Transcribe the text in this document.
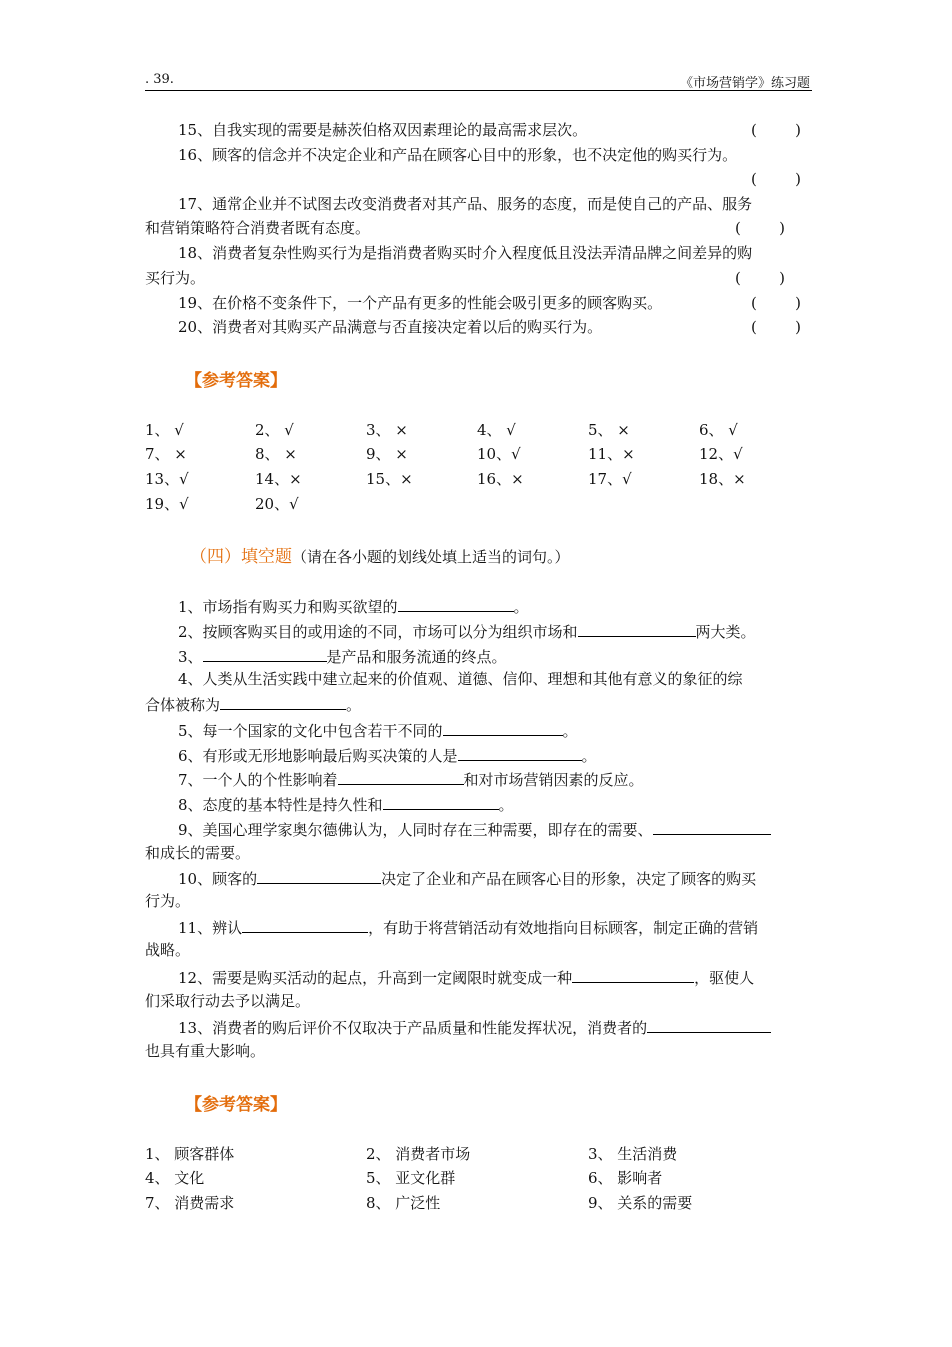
. 39.	《市场营销学》练习题
15、自我实现的需要是赫茨伯格双因素理论的最高需求层次。	(	)
16、顾客的信念并不决定企业和产品在顾客心目中的形象，也不决定他的购买行为。
(	)
17、通常企业并不试图去改变消费者对其产品、服务的态度，而是使自己的产品、服务
和营销策略符合消费者既有态度。	(	)
18、消费者复杂性购买行为是指消费者购买时介入程度低且没法弄清品牌之间差异的购
买行为。	(	)
19、在价格不变条件下，一个产品有更多的性能会吸引更多的顾客购买。	(	)
20、消费者对其购买产品满意与否直接决定着以后的购买行为。	(	)
【参考答案】
1、 √	2、 √	3、 ×	4、 √	5、 ×	6、 √
7、 ×	8、 ×	9、 ×	10、√	11、×	12、√
13、√	14、×	15、×	16、×	17、√	18、×
19、√	20、√
（四）填空题（请在各小题的划线处填上适当的词句。）
1、市场指有购买力和购买欲望的	。
2、按顾客购买目的或用途的不同，市场可以分为组织市场和	两大类。
3、	是产品和服务流通的终点。
4、人类从生活实践中建立起来的价值观、道德、信仰、理想和其他有意义的象征的综
合体被称为	。
5、每一个国家的文化中包含若干不同的	。
6、有形或无形地影响最后购买决策的人是	。
7、一个人的个性影响着	和对市场营销因素的反应。
8、态度的基本特性是持久性和	。
9、美国心理学家奥尔德佛认为，人同时存在三种需要，即存在的需要、
和成长的需要。
10、顾客的	决定了企业和产品在顾客心目的形象，决定了顾客的购买
行为。
11、辨认	，有助于将营销活动有效地指向目标顾客，制定正确的营销
战略。
12、需要是购买活动的起点，升高到一定阈限时就变成一种	，驱使人
们采取行动去予以满足。
13、消费者的购后评价不仅取决于产品质量和性能发挥状况，消费者的
也具有重大影响。
【参考答案】
1、 顾客群体	2、 消费者市场	3、 生活消费
4、 文化	5、 亚文化群	6、 影响者
7、 消费需求	8、 广泛性	9、 关系的需要
